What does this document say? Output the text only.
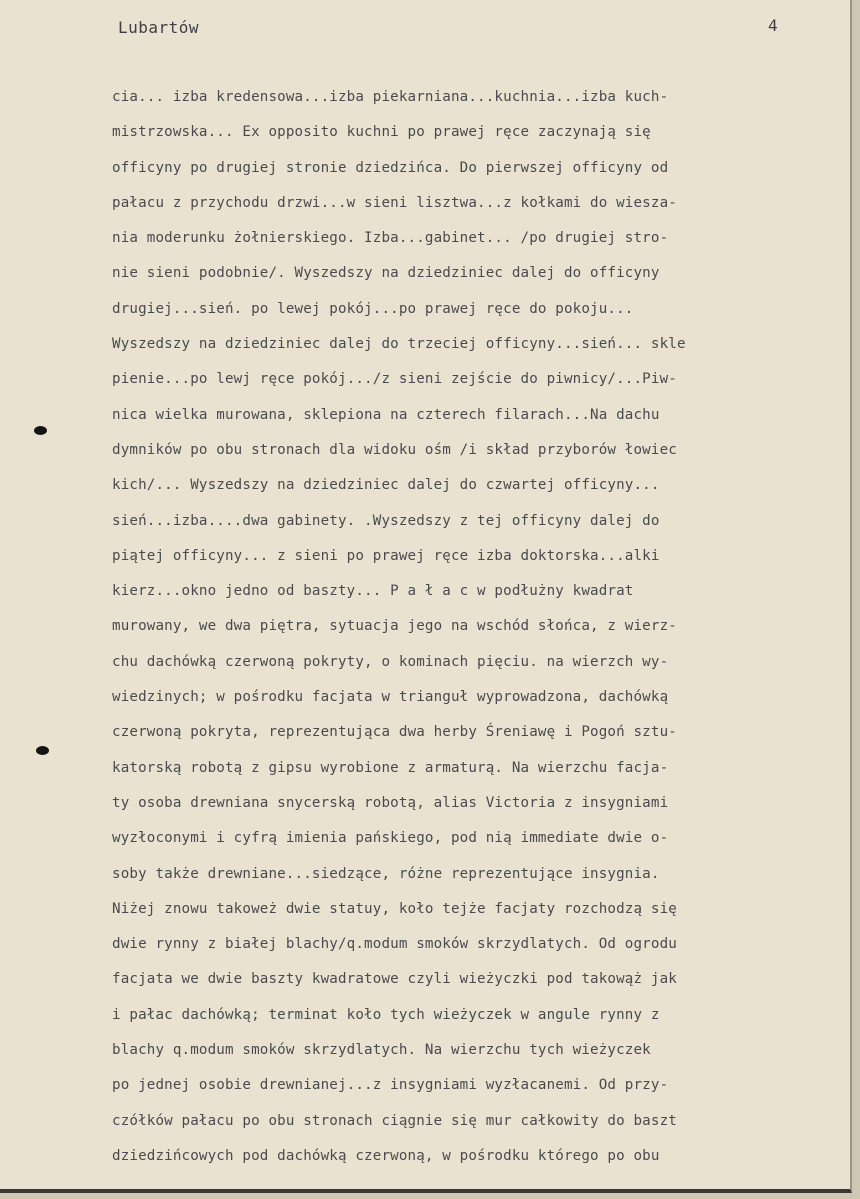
Lubartów	4
cia... izba kredensowa...izba piekarniana...kuchnia...izba kuch-
mistrzowska... Ex opposito kuchni po prawej ręce zaczynają się
officyny po drugiej stronie dziedzińca. Do pierwszej officyny od
pałacu z przychodu drzwi...w sieni lisztwa...z kołkami do wiesza-
nia moderunku żołnierskiego. Izba...gabinet... /po drugiej stro-
nie sieni podobnie/. Wyszedszy na dziedziniec dalej do officyny
drugiej...sień. po lewej pokój...po prawej ręce do pokoju...
Wyszedszy na dziedziniec dalej do trzeciej officyny...sień... skle
pienie...po lewj ręce pokój.../z sieni zejście do piwnicy/...Piw-
nica wielka murowana, sklepiona na czterech filarach...Na dachu
dymników po obu stronach dla widoku ośm /i skład przyborów łowiec
kich/... Wyszedszy na dziedziniec dalej do czwartej officyny...
sień...izba....dwa gabinety. .Wyszedszy z tej officyny dalej do
piątej officyny... z sieni po prawej ręce izba doktorska...alki
kierz...okno jedno od baszty... P a ł a c w podłużny kwadrat
murowany, we dwa piętra, sytuacja jego na wschód słońca, z wierz-
chu dachówką czerwoną pokryty, o kominach pięciu. na wierzch wy-
wiedzinych; w pośrodku facjata w trianguł wyprowadzona, dachówką
czerwoną pokryta, reprezentująca dwa herby Śreniawę i Pogoń sztu-
katorską robotą z gipsu wyrobione z armaturą. Na wierzchu facja-
ty osoba drewniana snycerską robotą, alias Victoria z insygniami
wyzłoconymi i cyfrą imienia pańskiego, pod nią immediate dwie o-
soby także drewniane...siedzące, różne reprezentujące insygnia.
Niżej znowu takoweż dwie statuy, koło tejże facjaty rozchodzą się
dwie rynny z białej blachy/q.modum smoków skrzydlatych. Od ogrodu
facjata we dwie baszty kwadratowe czyli wieżyczki pod takowąż jak
i pałac dachówką; terminat koło tych wieżyczek w angule rynny z
blachy q.modum smoków skrzydlatych. Na wierzchu tych wieżyczek
po jednej osobie drewnianej...z insygniami wyzłacanemi. Od przy-
czółków pałacu po obu stronach ciągnie się mur całkowity do baszt
dziedzińcowych pod dachówką czerwoną, w pośrodku którego po obu
